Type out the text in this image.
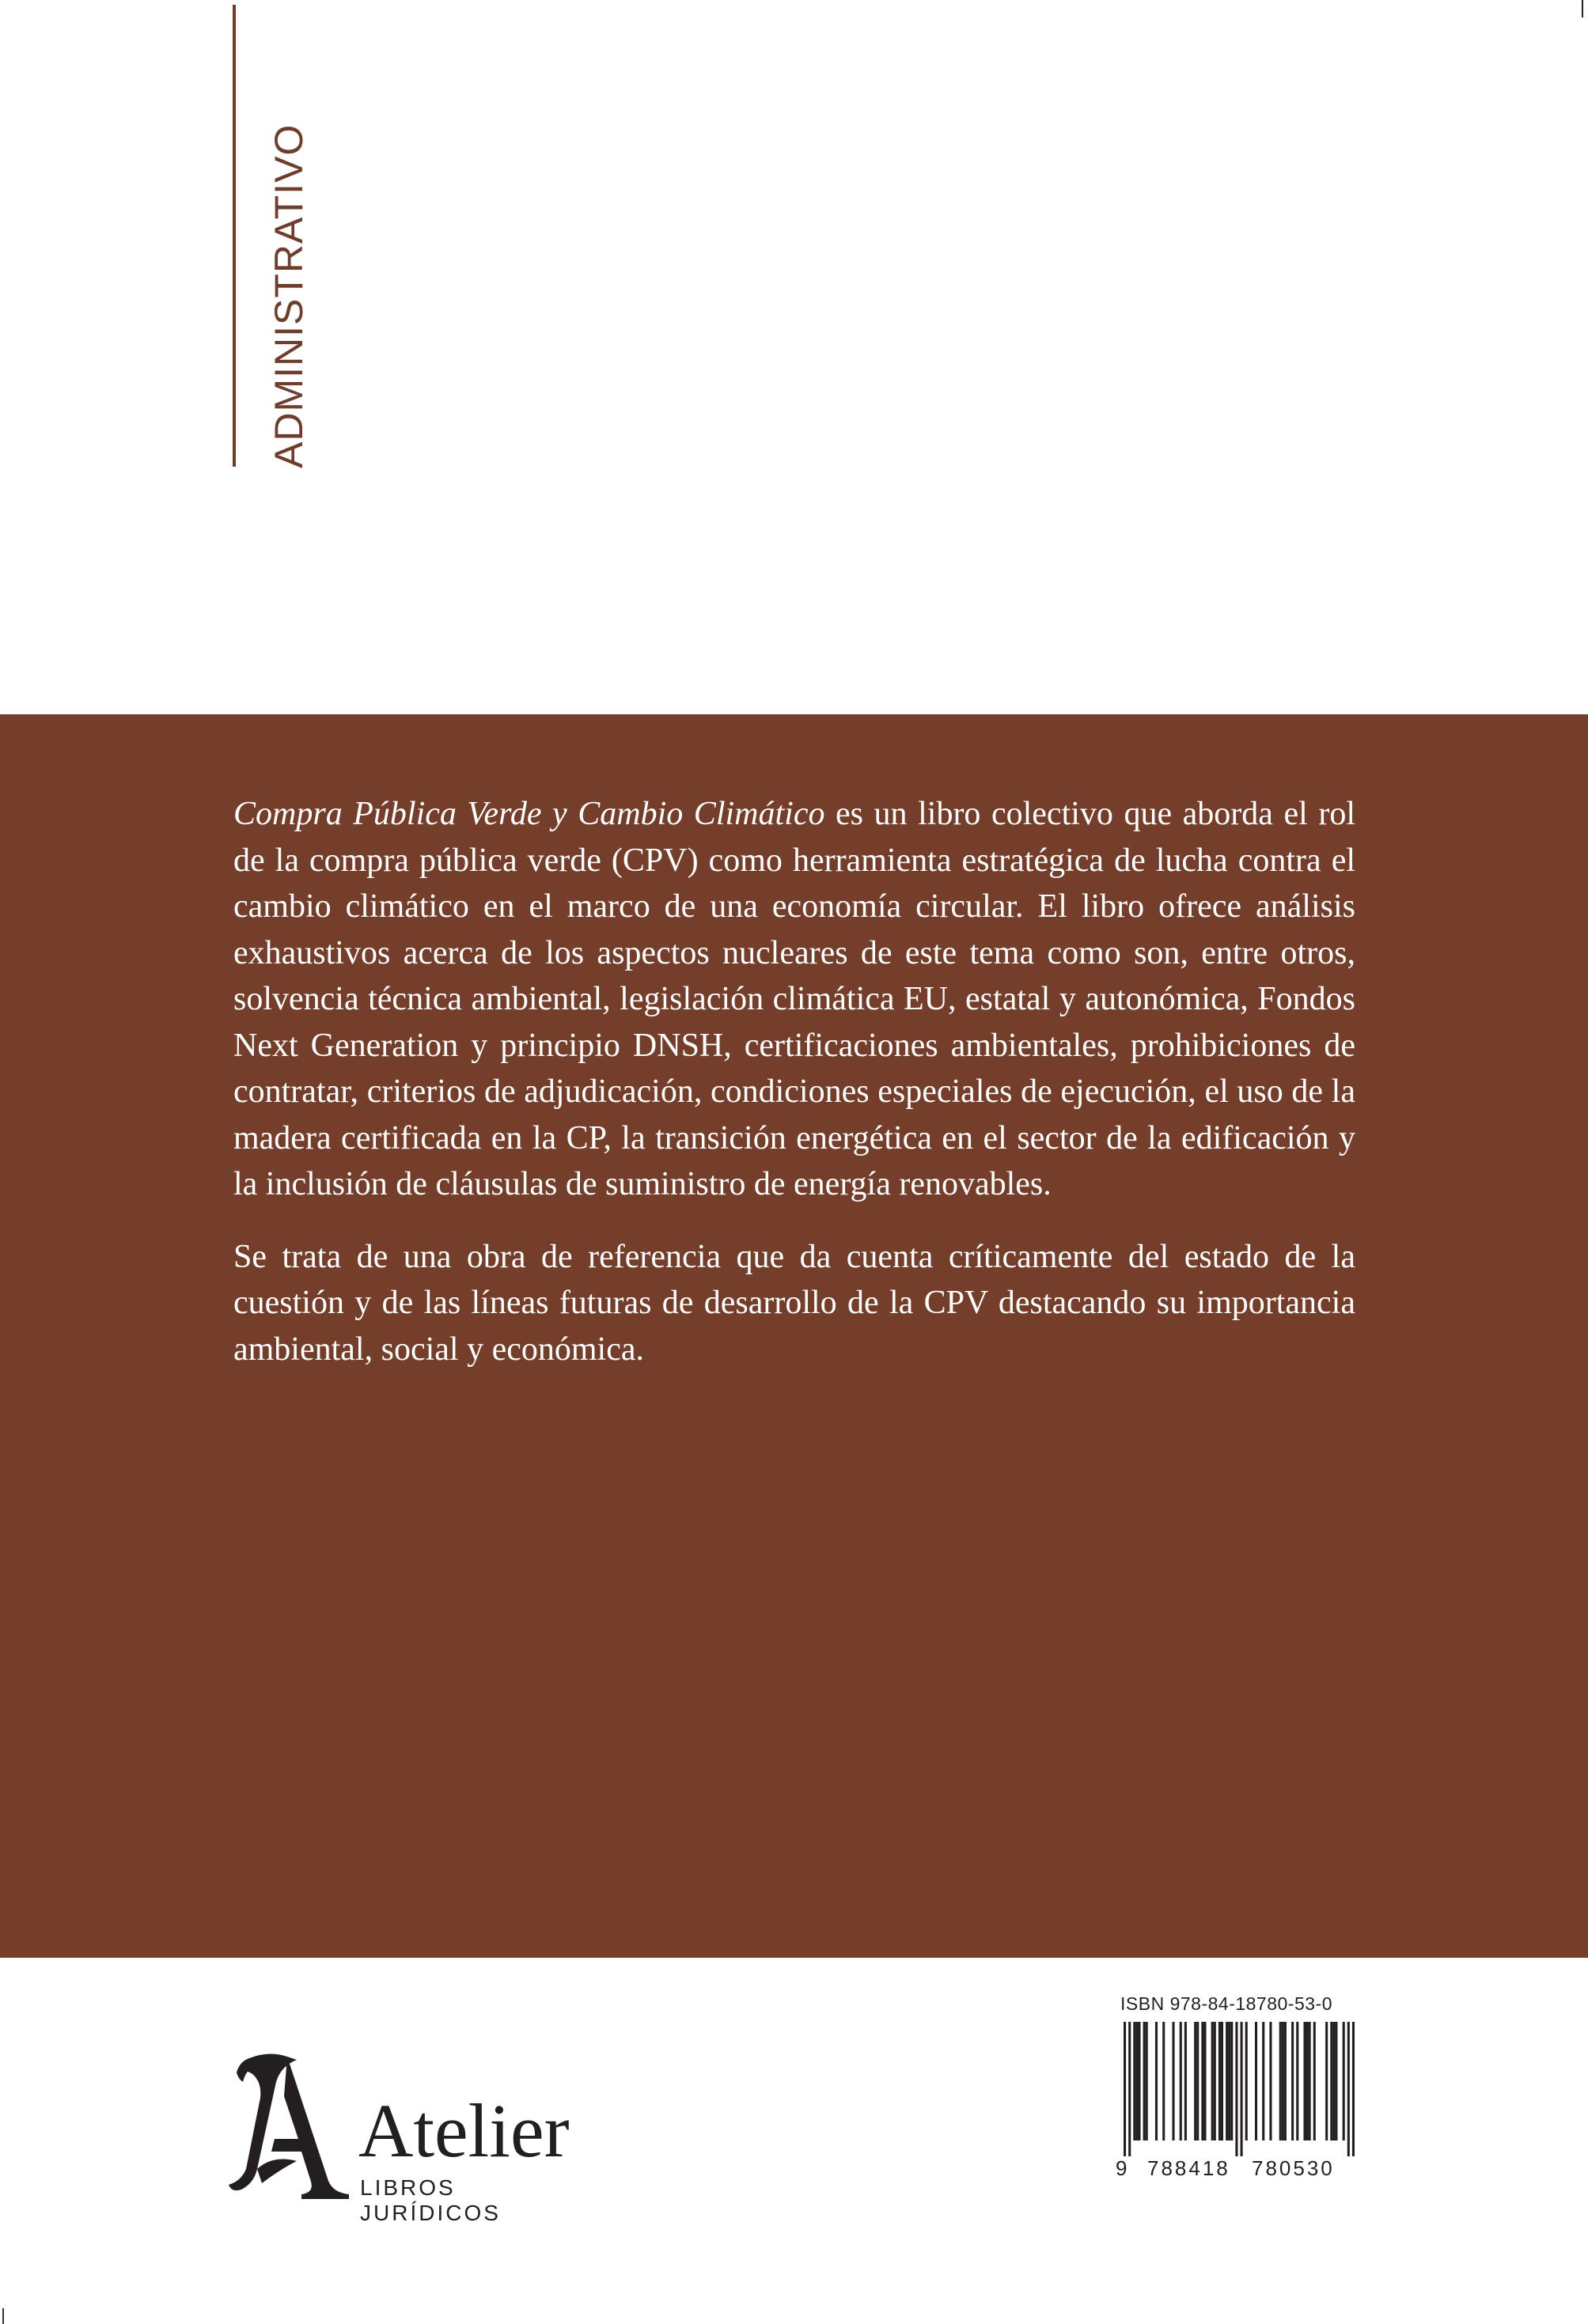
ADMINISTRATIVO

Compra Pública Verde y Cambio Climático es un libro colectivo que aborda el rol de la compra pública verde (CPV) como herramienta estratégica de lucha contra el cambio climático en el marco de una economía circular. El libro ofrece análisis exhaustivos acerca de los aspectos nucleares de este tema como son, entre otros, solvencia técnica ambiental, legislación climática EU, estatal y autonómica, Fondos Next Generation y principio DNSH, certificaciones ambientales, prohibiciones de contratar, criterios de adjudicación, condiciones especiales de ejecución, el uso de la madera certificada en la CP, la transición energética en el sector de la edificación y la inclusión de cláusulas de suministro de energía renovables.

Se trata de una obra de referencia que da cuenta críticamente del estado de la cuestión y de las líneas futuras de desarrollo de la CPV destacando su importancia ambiental, social y económica.

Atelier
LIBROS JURÍDICOS
ISBN 978-84-18780-53-0
9 788418 780530
